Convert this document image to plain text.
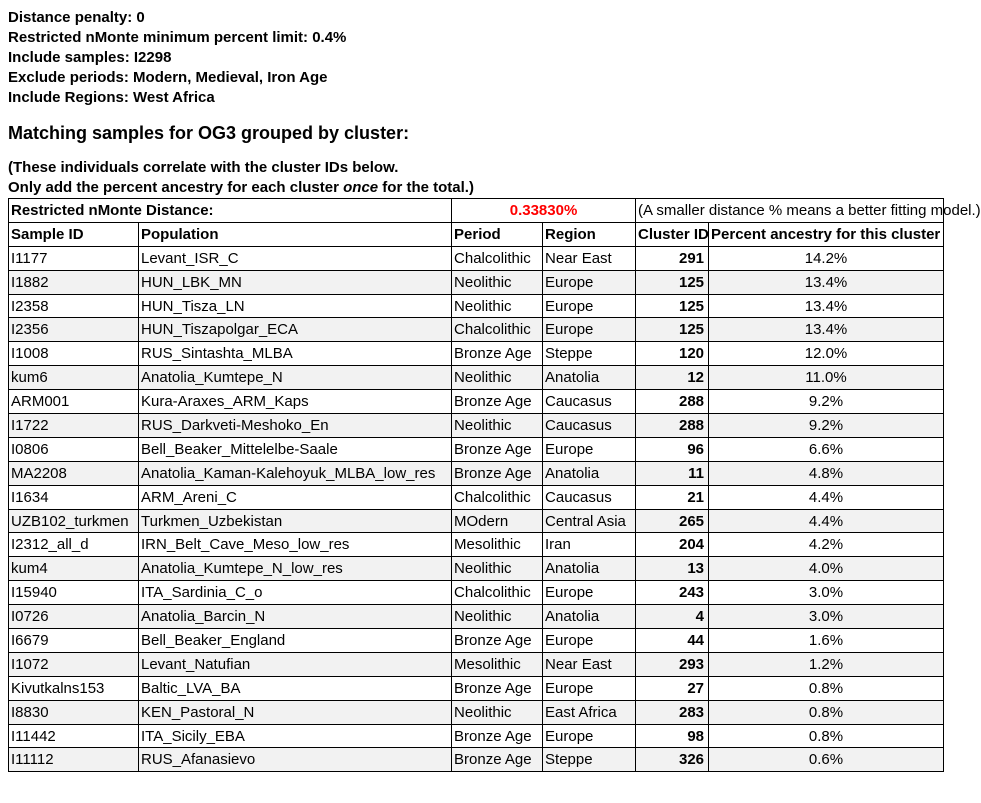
Distance penalty: 0
Restricted nMonte minimum percent limit: 0.4%
Include samples: I2298
Exclude periods: Modern, Medieval, Iron Age
Include Regions: West Africa
Matching samples for OG3 grouped by cluster:
(These individuals correlate with the cluster IDs below.
Only add the percent ancestry for each cluster once for the total.)
Restricted nMonte Distance:		0.33830%		(A smaller distance % means a better fitting model.)	
Sample ID	Population	Period	Region	Cluster ID	Percent ancestry for this cluster
I1177	Levant_ISR_C	Chalcolithic	Near East	291	14.2%
I1882	HUN_LBK_MN	Neolithic	Europe	125	13.4%
I2358	HUN_Tisza_LN	Neolithic	Europe	125	13.4%
I2356	HUN_Tiszapolgar_ECA	Chalcolithic	Europe	125	13.4%
I1008	RUS_Sintashta_MLBA	Bronze Age	Steppe	120	12.0%
kum6	Anatolia_Kumtepe_N	Neolithic	Anatolia	12	11.0%
ARM001	Kura-Araxes_ARM_Kaps	Bronze Age	Caucasus	288	9.2%
I1722	RUS_Darkveti-Meshoko_En	Neolithic	Caucasus	288	9.2%
I0806	Bell_Beaker_Mittelelbe-Saale	Bronze Age	Europe	96	6.6%
MA2208	Anatolia_Kaman-Kalehoyuk_MLBA_low_res	Bronze Age	Anatolia	11	4.8%
I1634	ARM_Areni_C	Chalcolithic	Caucasus	21	4.4%
UZB102_turkmen	Turkmen_Uzbekistan	MOdern	Central Asia	265	4.4%
I2312_all_d	IRN_Belt_Cave_Meso_low_res	Mesolithic	Iran	204	4.2%
kum4	Anatolia_Kumtepe_N_low_res	Neolithic	Anatolia	13	4.0%
I15940	ITA_Sardinia_C_o	Chalcolithic	Europe	243	3.0%
I0726	Anatolia_Barcin_N	Neolithic	Anatolia	4	3.0%
I6679	Bell_Beaker_England	Bronze Age	Europe	44	1.6%
I1072	Levant_Natufian	Mesolithic	Near East	293	1.2%
Kivutkalns153	Baltic_LVA_BA	Bronze Age	Europe	27	0.8%
I8830	KEN_Pastoral_N	Neolithic	East Africa	283	0.8%
I11442	ITA_Sicily_EBA	Bronze Age	Europe	98	0.8%
I11112	RUS_Afanasievo	Bronze Age	Steppe	326	0.6%
